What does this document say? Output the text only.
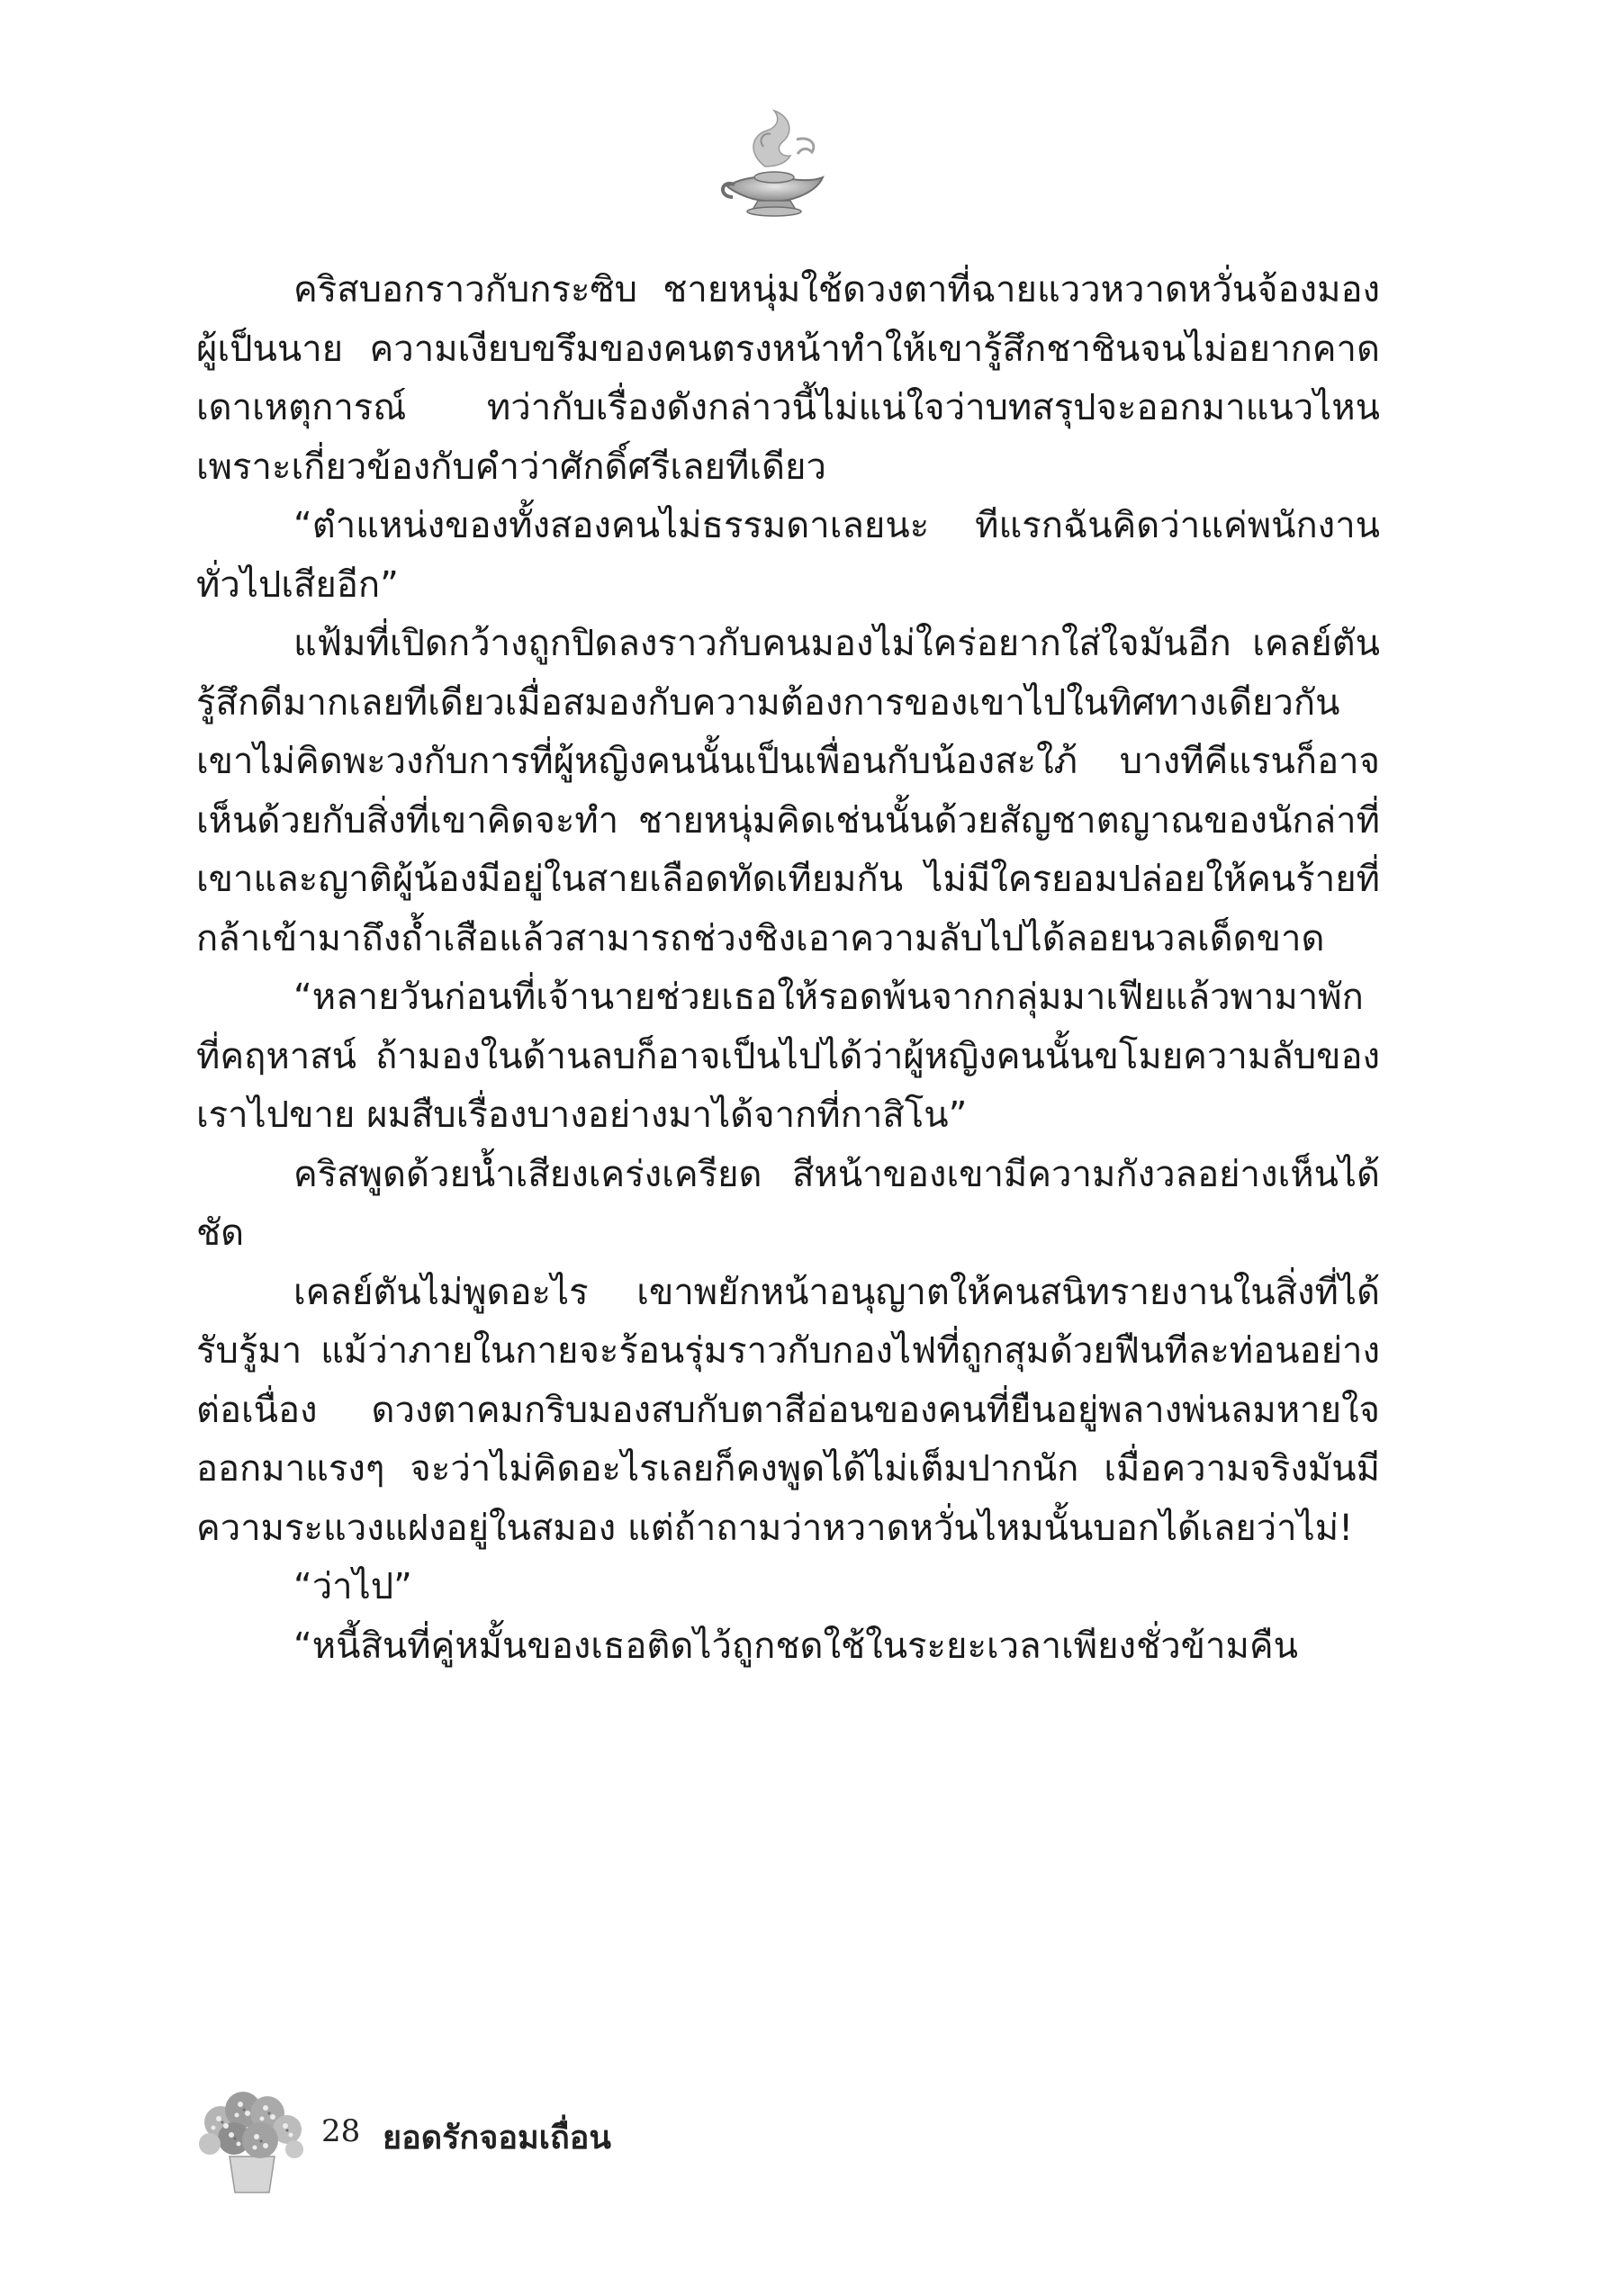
คริสบอกราวกับกระซิบ ชายหนุ่มใช้ดวงตาที่ฉายแววหวาดหวั่นจ้องมองผู้เป็นนาย ความเงียบขรึมของคนตรงหน้าทำให้เขารู้สึกชาชินจนไม่อยากคาดเดาเหตุการณ์ ทว่ากับเรื่องดังกล่าวนี้ไม่แน่ใจว่าบทสรุปจะออกมาแนวไหน เพราะเกี่ยวข้องกับคำว่าศักดิ์ศรีเลยทีเดียว

“ตำแหน่งของทั้งสองคนไม่ธรรมดาเลยนะ ทีแรกฉันคิดว่าแค่พนักงานทั่วไปเสียอีก”

แฟ้มที่เปิดกว้างถูกปิดลงราวกับคนมองไม่ใคร่อยากใส่ใจมันอีก เคลย์ตันรู้สึกดีมากเลยทีเดียวเมื่อสมองกับความต้องการของเขาไปในทิศทางเดียวกัน เขาไม่คิดพะวงกับการที่ผู้หญิงคนนั้นเป็นเพื่อนกับน้องสะใภ้ บางทีคีแรนก็อาจเห็นด้วยกับสิ่งที่เขาคิดจะทำ ชายหนุ่มคิดเช่นนั้นด้วยสัญชาตญาณของนักล่าที่เขาและญาติผู้น้องมีอยู่ในสายเลือดทัดเทียมกัน ไม่มีใครยอมปล่อยให้คนร้ายที่กล้าเข้ามาถึงถ้ำเสือแล้วสามารถช่วงชิงเอาความลับไปได้ลอยนวลเด็ดขาด

“หลายวันก่อนที่เจ้านายช่วยเธอให้รอดพ้นจากกลุ่มมาเฟียแล้วพามาพักที่คฤหาสน์ ถ้ามองในด้านลบก็อาจเป็นไปได้ว่าผู้หญิงคนนั้นขโมยความลับของเราไปขาย ผมสืบเรื่องบางอย่างมาได้จากที่กาสิโน”

คริสพูดด้วยน้ำเสียงเคร่งเครียด สีหน้าของเขามีความกังวลอย่างเห็นได้ชัด

เคลย์ตันไม่พูดอะไร เขาพยักหน้าอนุญาตให้คนสนิทรายงานในสิ่งที่ได้รับรู้มา แม้ว่าภายในกายจะร้อนรุ่มราวกับกองไฟที่ถูกสุมด้วยฟืนทีละท่อนอย่างต่อเนื่อง ดวงตาคมกริบมองสบกับตาสีอ่อนของคนที่ยืนอยู่พลางพ่นลมหายใจออกมาแรงๆ จะว่าไม่คิดอะไรเลยก็คงพูดได้ไม่เต็มปากนัก เมื่อความจริงมันมีความระแวงแฝงอยู่ในสมอง แต่ถ้าถามว่าหวาดหวั่นไหมนั้นบอกได้เลยว่าไม่!

“ว่าไป”

“หนี้สินที่คู่หมั้นของเธอติดไว้ถูกชดใช้ในระยะเวลาเพียงชั่วข้ามคืน

28 ยอดรักจอมเถื่อน
